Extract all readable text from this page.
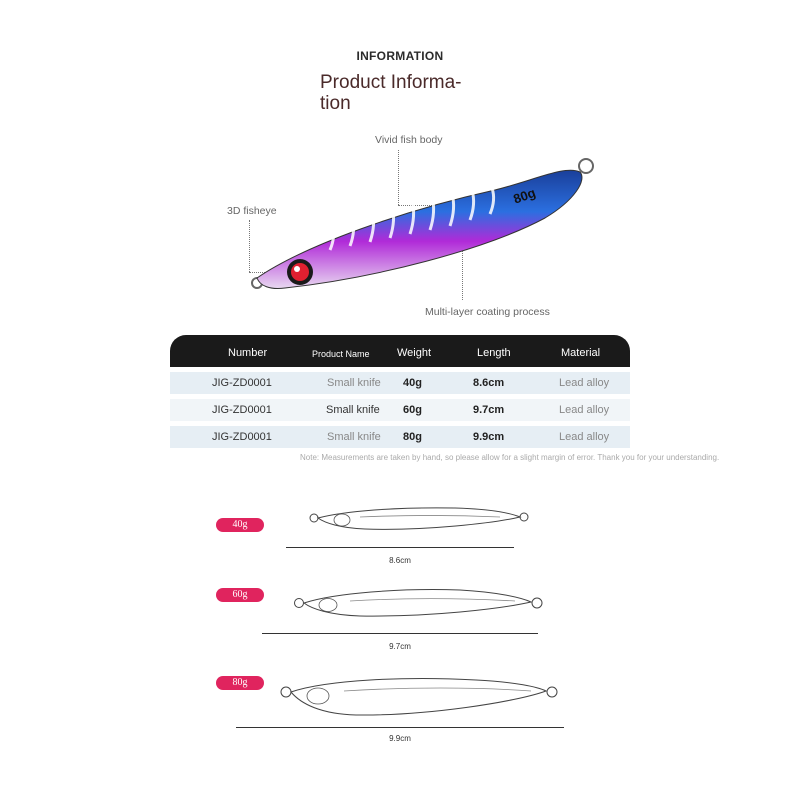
INFORMATION
Product Informa-
tion
Vivid fish body
3D fisheye
Multi-layer coating process
80g
Number	Product Name Weight	Length	Material
JIG-ZD0001	Small knife 40g	8.6cm	Lead alloy
JIG-ZD0001	Small knife 60g	9.7cm	Lead alloy
JIG-ZD0001	Small knife 80g	9.9cm	Lead alloy
Note: Measurements are taken by hand, so please allow for a slight margin of error. Thank you for your understanding.
40g
8.6cm
60g
9.7cm
80g
9.9cm
